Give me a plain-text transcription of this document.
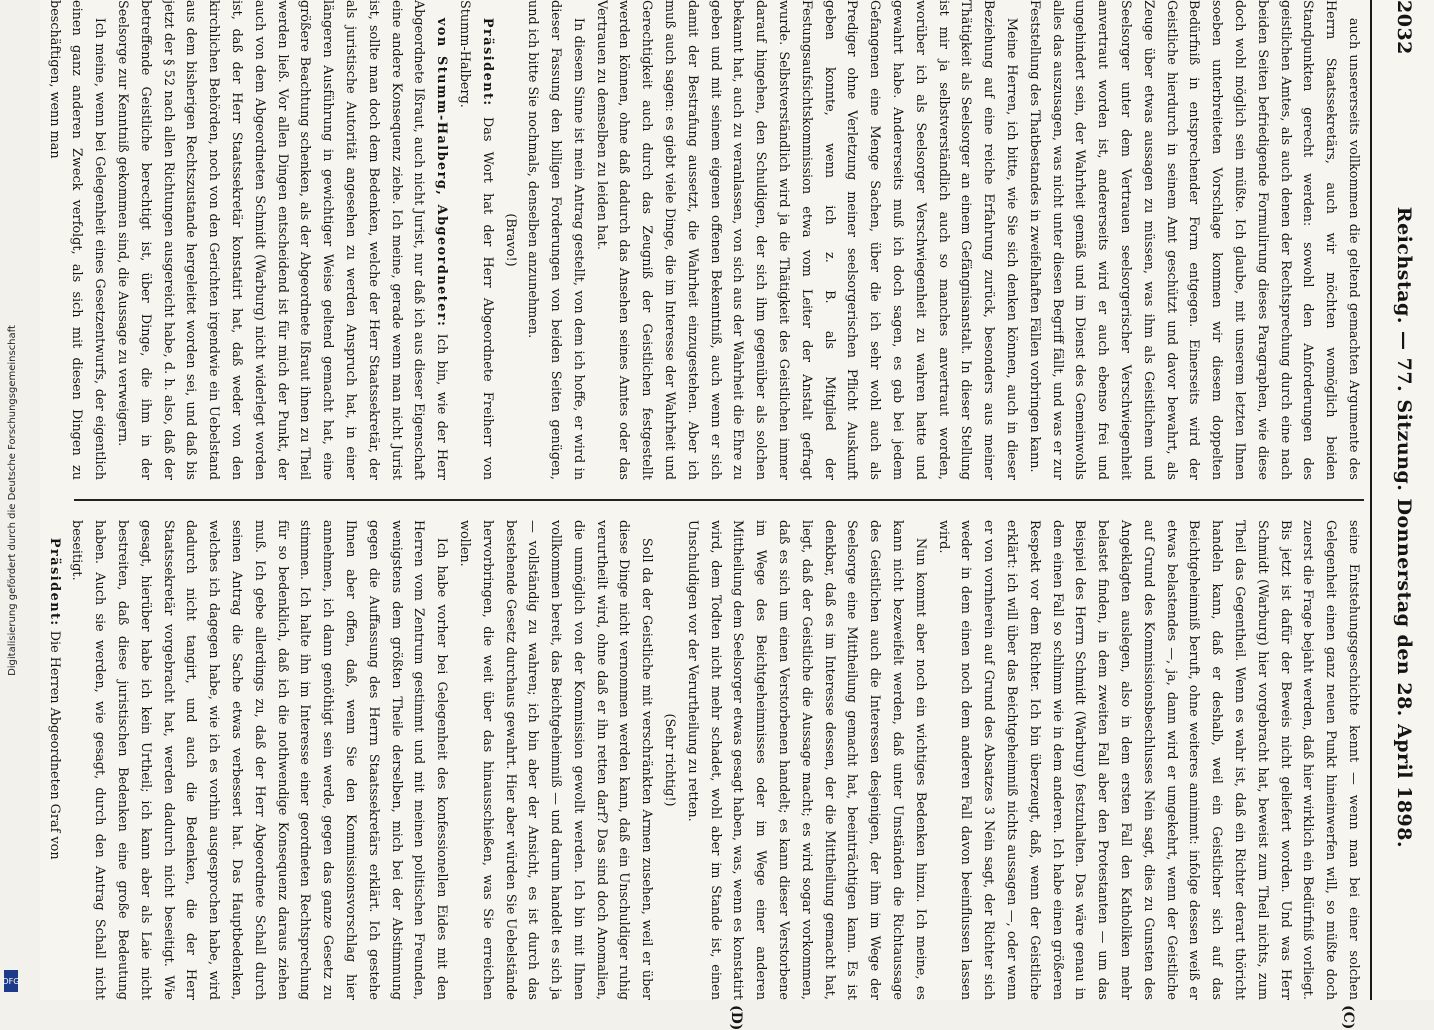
Digitalisierung gefördert durch die Deutsche Forschungsgemeinschaft
DFG
2032
Reichstag. — 77. Sitzung. Donnerstag den 28. April 1898.
(C)
(D)

auch unsererseits vollkommen die geltend gemachten Argumente des Herrn Staatssekretärs, auch wir möchten womöglich beiden Standpunkten gerecht werden: sowohl den Anforderungen des geistlichen Amtes, als auch denen der Rechtsprechung durch eine nach beiden Seiten befriedigende Formulirung dieses Paragraphen, wie diese doch wohl möglich sein müßte. Ich glaube, mit unserem letzten Ihnen soeben unterbreiteten Vorschlage kommen wir diesem doppelten Bedürfniß in entsprechender Form entgegen. Einerseits wird der Geistliche hierdurch in seinem Amt geschützt und davor bewahrt, als Zeuge über etwas aussagen zu müssen, was ihm als Geistlichem und Seelsorger unter dem Vertrauen seelsorgerischer Verschwiegenheit anvertraut worden ist, andererseits wird er auch ebenso frei und ungehindert sein, der Wahrheit gemäß und im Dienst des Gemeinwohls alles das auszusagen, was nicht unter diesen Begriff fällt, und was er zur Feststellung des Thatbestandes in zweifelhaften Fällen vorbringen kann.

Meine Herren, ich bitte, wie Sie sich denken können, auch in dieser Beziehung auf eine reiche Erfahrung zurück, besonders aus meiner Thätigkeit als Seelsorger an einem Gefängnisanstalt. In dieser Stellung ist mir ja selbstverständlich auch so manches anvertraut worden, worüber ich als Seelsorger Verschwiegenheit zu wahren hatte und gewahrt habe. Andererseits muß ich doch sagen, es gab bei jedem Gefangenen eine Menge Sachen, über die ich sehr wohl auch als Prediger ohne Verletzung meiner seelsorgerischen Pflicht Auskunft geben konnte, wenn ich z. B. als Mitglied der Festungsaufsichtskommission etwa vom Leiter der Anstalt gefragt wurde. Selbstverständlich wird ja die Thätigkeit des Geistlichen immer darauf hingehen, den Schuldigen, der sich ihm gegenüber als solchen bekannt hat, auch zu veranlassen, von sich aus der Wahrheit die Ehre zu geben und mit seinem eigenen offenen Bekenntniß, auch wenn er sich damit der Bestrafung aussetzt, die Wahrheit einzugestehen. Aber ich muß auch sagen: es giebt viele Dinge, die im Interesse der Wahrheit und Gerechtigkeit auch durch das Zeugniß der Geistlichen festgestellt werden können, ohne daß dadurch das Ansehen seines Amtes oder das Vertrauen zu demselben zu leiden hat.

In diesem Sinne ist mein Antrag gestellt, von dem ich hoffe, er wird in dieser Fassung den billigen Forderungen von beiden Seiten genügen, und ich bitte Sie nochmals, denselben anzunehmen.

(Bravo!)

Präsident: Das Wort hat der Herr Abgeordnete Freiherr von Stumm-Halberg.

von Stumm-Halberg, Abgeordneter: Ich bin, wie der Herr Abgeordnete Ißraut, auch nicht Jurist, nur daß ich aus dieser Eigenschaft eine andere Konsequenz ziehe. Ich meine, gerade wenn man nicht Jurist ist, sollte man doch dem Bedenken, welche der Herr Staatssekretär, der als juristische Autorität angesehen zu werden Anspruch hat, in einer längeren Ausführung in gewichtiger Weise geltend gemacht hat, eine größere Beachtung schenken, als der Abgeordnete Ißraut ihnen zu Theil werden ließ. Vor allen Dingen entscheidend ist für mich der Punkt, der auch von dem Abgeordneten Schmidt (Warburg) nicht widerlegt worden ist, daß der Herr Staatssekretär konstatirt hat, daß weder von den kirchlichen Behörden, noch von den Gerichten irgendwie ein Uebelstand aus dem bisherigen Rechtszustande hergeleitet worden sei, und daß bis jetzt der § 52 nach allen Richtungen ausgereicht habe, d. h. also, daß der betreffende Geistliche berechtigt ist, über Dinge, die ihm in der Seelsorge zur Kenntniß gekommen sind, die Aussage zu verweigern.

Ich meine, wenn bei Gelegenheit eines Gesetzentwurfs, der eigentlich einen ganz anderen Zweck verfolgt, als sich mit diesen Dingen zu beschäftigen, wenn man

seine Entstehungsgeschichte kennt — wenn man bei einer solchen Gelegenheit einen ganz neuen Punkt hineinwerfen will, so müßte doch zuerst die Frage bejaht werden, daß hier wirklich ein Bedürfniß vorliegt. Bis jetzt ist dafür der Beweis nicht geliefert worden. Und was Herr Schmidt (Warburg) hier vorgebracht hat, beweist zum Theil nichts, zum Theil das Gegentheil. Wenn es wahr ist, daß ein Richter derart thöricht handeln kann, daß er deshalb, weil ein Geistlicher sich auf das Beichtgeheimniß beruft, ohne weiteres annimmt: infolge dessen weiß er etwas belastendes —, ja, dann wird er umgekehrt, wenn der Geistliche auf Grund des Kommissionsbeschlusses Nein sagt, dies zu Gunsten des Angeklagten auslegen, also in dem ersten Fall den Katholiken mehr belastet finden, in dem zweiten Fall aber den Protestanten — um das Beispiel des Herrn Schmidt (Warburg) festzuhalten. Das wäre genau in dem einen Fall so schlimm wie in dem anderen. Ich habe einen größeren Respekt vor dem Richter. Ich bin überzeugt, daß, wenn der Geistliche erklärt: ich will über das Beichtgeheimniß nichts aussagen —, oder wenn er von vornherein auf Grund des Absatzes 3 Nein sagt, der Richter sich weder in dem einen noch dem anderen Fall davon beeinflussen lassen wird.

Nun kommt aber noch ein wichtiges Bedenken hinzu. Ich meine, es kann nicht bezweifelt werden, daß unter Umständen die Richtaussage des Geistlichen auch die Interessen desjenigen, der ihm im Wege der Seelsorge eine Mittheilung gemacht hat, beeinträchtigen kann. Es ist denkbar, daß es im Interesse dessen, der die Mittheilung gemacht hat, liegt, daß der Geistliche die Aussage macht; es wird sogar vorkommen, daß es sich um einen Verstorbenen handelt; es kann dieser Verstorbene im Wege des Beichtgeheimnisses oder im Wege einer anderen Mittheilung dem Seelsorger etwas gesagt haben, was, wenn es konstatirt wird, dem Todten nicht mehr schadet, wohl aber im Stande ist, einen Unschuldigen vor der Verurtheilung zu retten.

(Sehr richtig!)

Soll da der Geistliche mit verschränkten Armen zusehen, weil er über diese Dinge nicht vernommen werden kann, daß ein Unschuldiger ruhig verurtheilt wird, ohne daß er ihn retten darf? Das sind doch Anomalien, die unmöglich von der Kommission gewollt werden. Ich bin mit Ihnen vollkommen bereit, das Beichtgeheimniß — und darum handelt es sich ja — vollständig zu wahren; ich bin aber der Ansicht, es ist durch das bestehende Gesetz durchaus gewahrt. Hier aber würden Sie Uebelstände hervorbringen, die weit über das hinausschießen, was Sie erreichen wollen.

Ich habe vorher bei Gelegenheit des konfessionellen Eides mit den Herren vom Zentrum gestimmt und mit meinen politischen Freunden, wenigstens dem größten Theile derselben, mich bei der Abstimmung gegen die Auffassung des Herrn Staatssekretärs erklärt. Ich gestehe Ihnen aber offen, daß, wenn Sie den Kommissionsvorschlag hier annehmen, ich dann genöthigt sein werde, gegen das ganze Gesetz zu stimmen. Ich halte ihn im Interesse einer geordneten Rechtsprechung für so bedenklich, daß ich die nothwendige Konsequenz daraus ziehen muß. Ich gebe allerdings zu, daß der Herr Abgeordnete Schall durch seinen Antrag die Sache etwas verbessert hat. Das Hauptbedenken, welches ich dagegen habe, wie ich es vorhin ausgesprochen habe, wird dadurch nicht tangirt, und auch die Bedenken, die der Herr Staatssekretär vorgebracht hat, werden dadurch nicht beseitigt. Wie gesagt, hierüber habe ich kein Urtheil; ich kann aber als Laie nicht bestreiten, daß diese juristischen Bedenken eine große Bedeutung haben. Auch sie werden, wie gesagt, durch den Antrag Schall nicht beseitigt.

Präsident: Die Herren Abgeordneten Graf von
